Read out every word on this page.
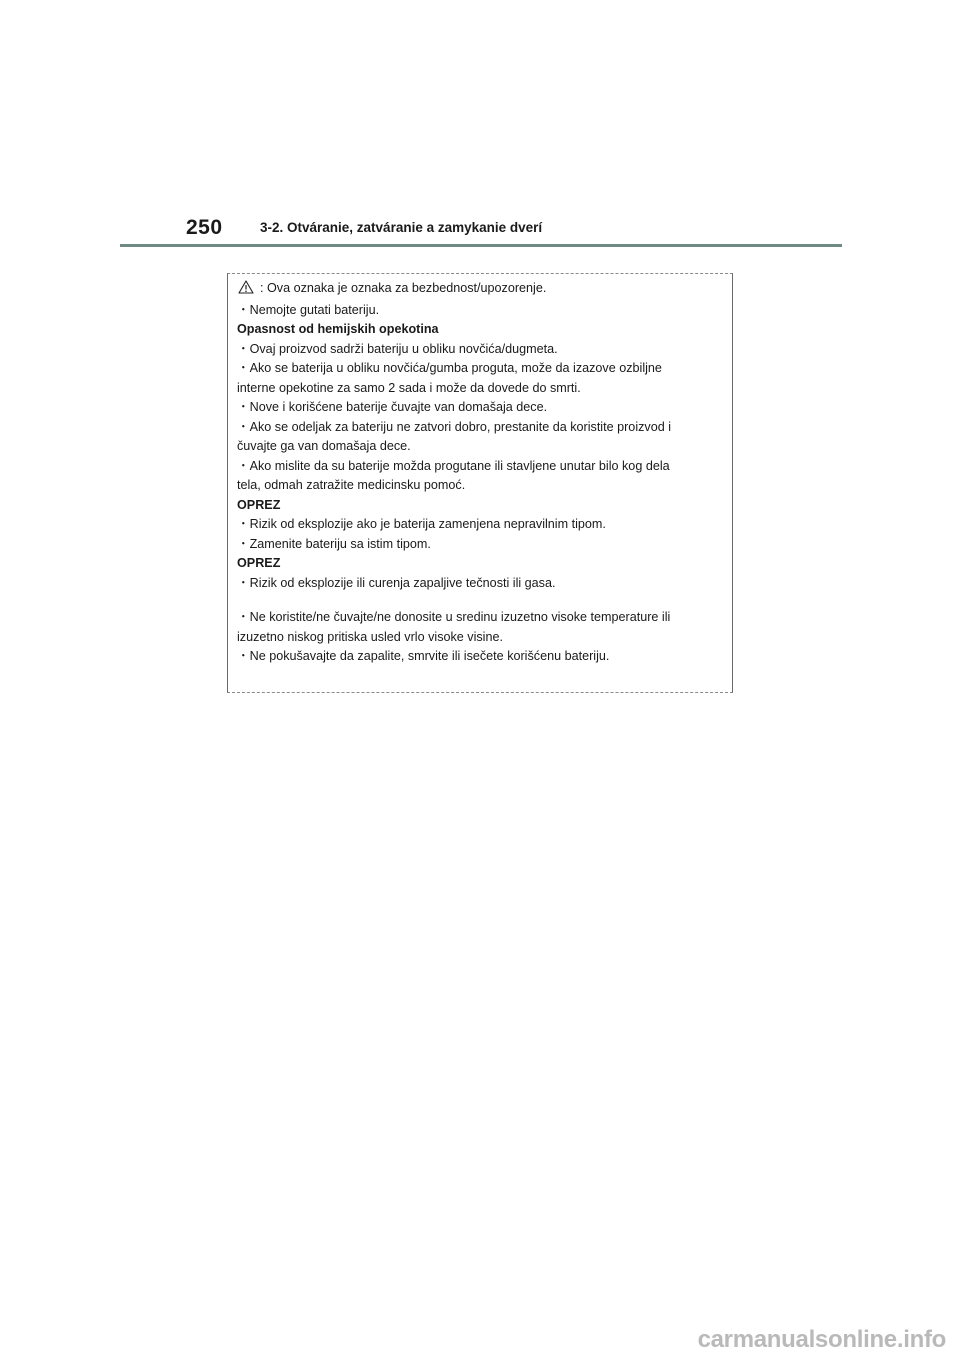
250	3-2. Otváranie, zatváranie a zamykanie dverí
: Ova oznaka je oznaka za bezbednost/upozorenje.
・Nemojte gutati bateriju.
Opasnost od hemijskih opekotina
・Ovaj proizvod sadrži bateriju u obliku novčića/dugmeta.
・Ako se baterija u obliku novčića/gumba proguta, može da izazove ozbiljne
interne opekotine za samo 2 sada i može da dovede do smrti.
・Nove i korišćene baterije čuvajte van domašaja dece.
・Ako se odeljak za bateriju ne zatvori dobro, prestanite da koristite proizvod i
čuvajte ga van domašaja dece.
・Ako mislite da su baterije možda progutane ili stavljene unutar bilo kog dela
tela, odmah zatražite medicinsku pomoć.
OPREZ
・Rizik od eksplozije ako je baterija zamenjena nepravilnim tipom.
・Zamenite bateriju sa istim tipom.
OPREZ
・Rizik od eksplozije ili curenja zapaljive tečnosti ili gasa.
・Ne koristite/ne čuvajte/ne donosite u sredinu izuzetno visoke temperature ili
izuzetno niskog pritiska usled vrlo visoke visine.
・Ne pokušavajte da zapalite, smrvite ili isečete korišćenu bateriju.
carmanualsonline.info
